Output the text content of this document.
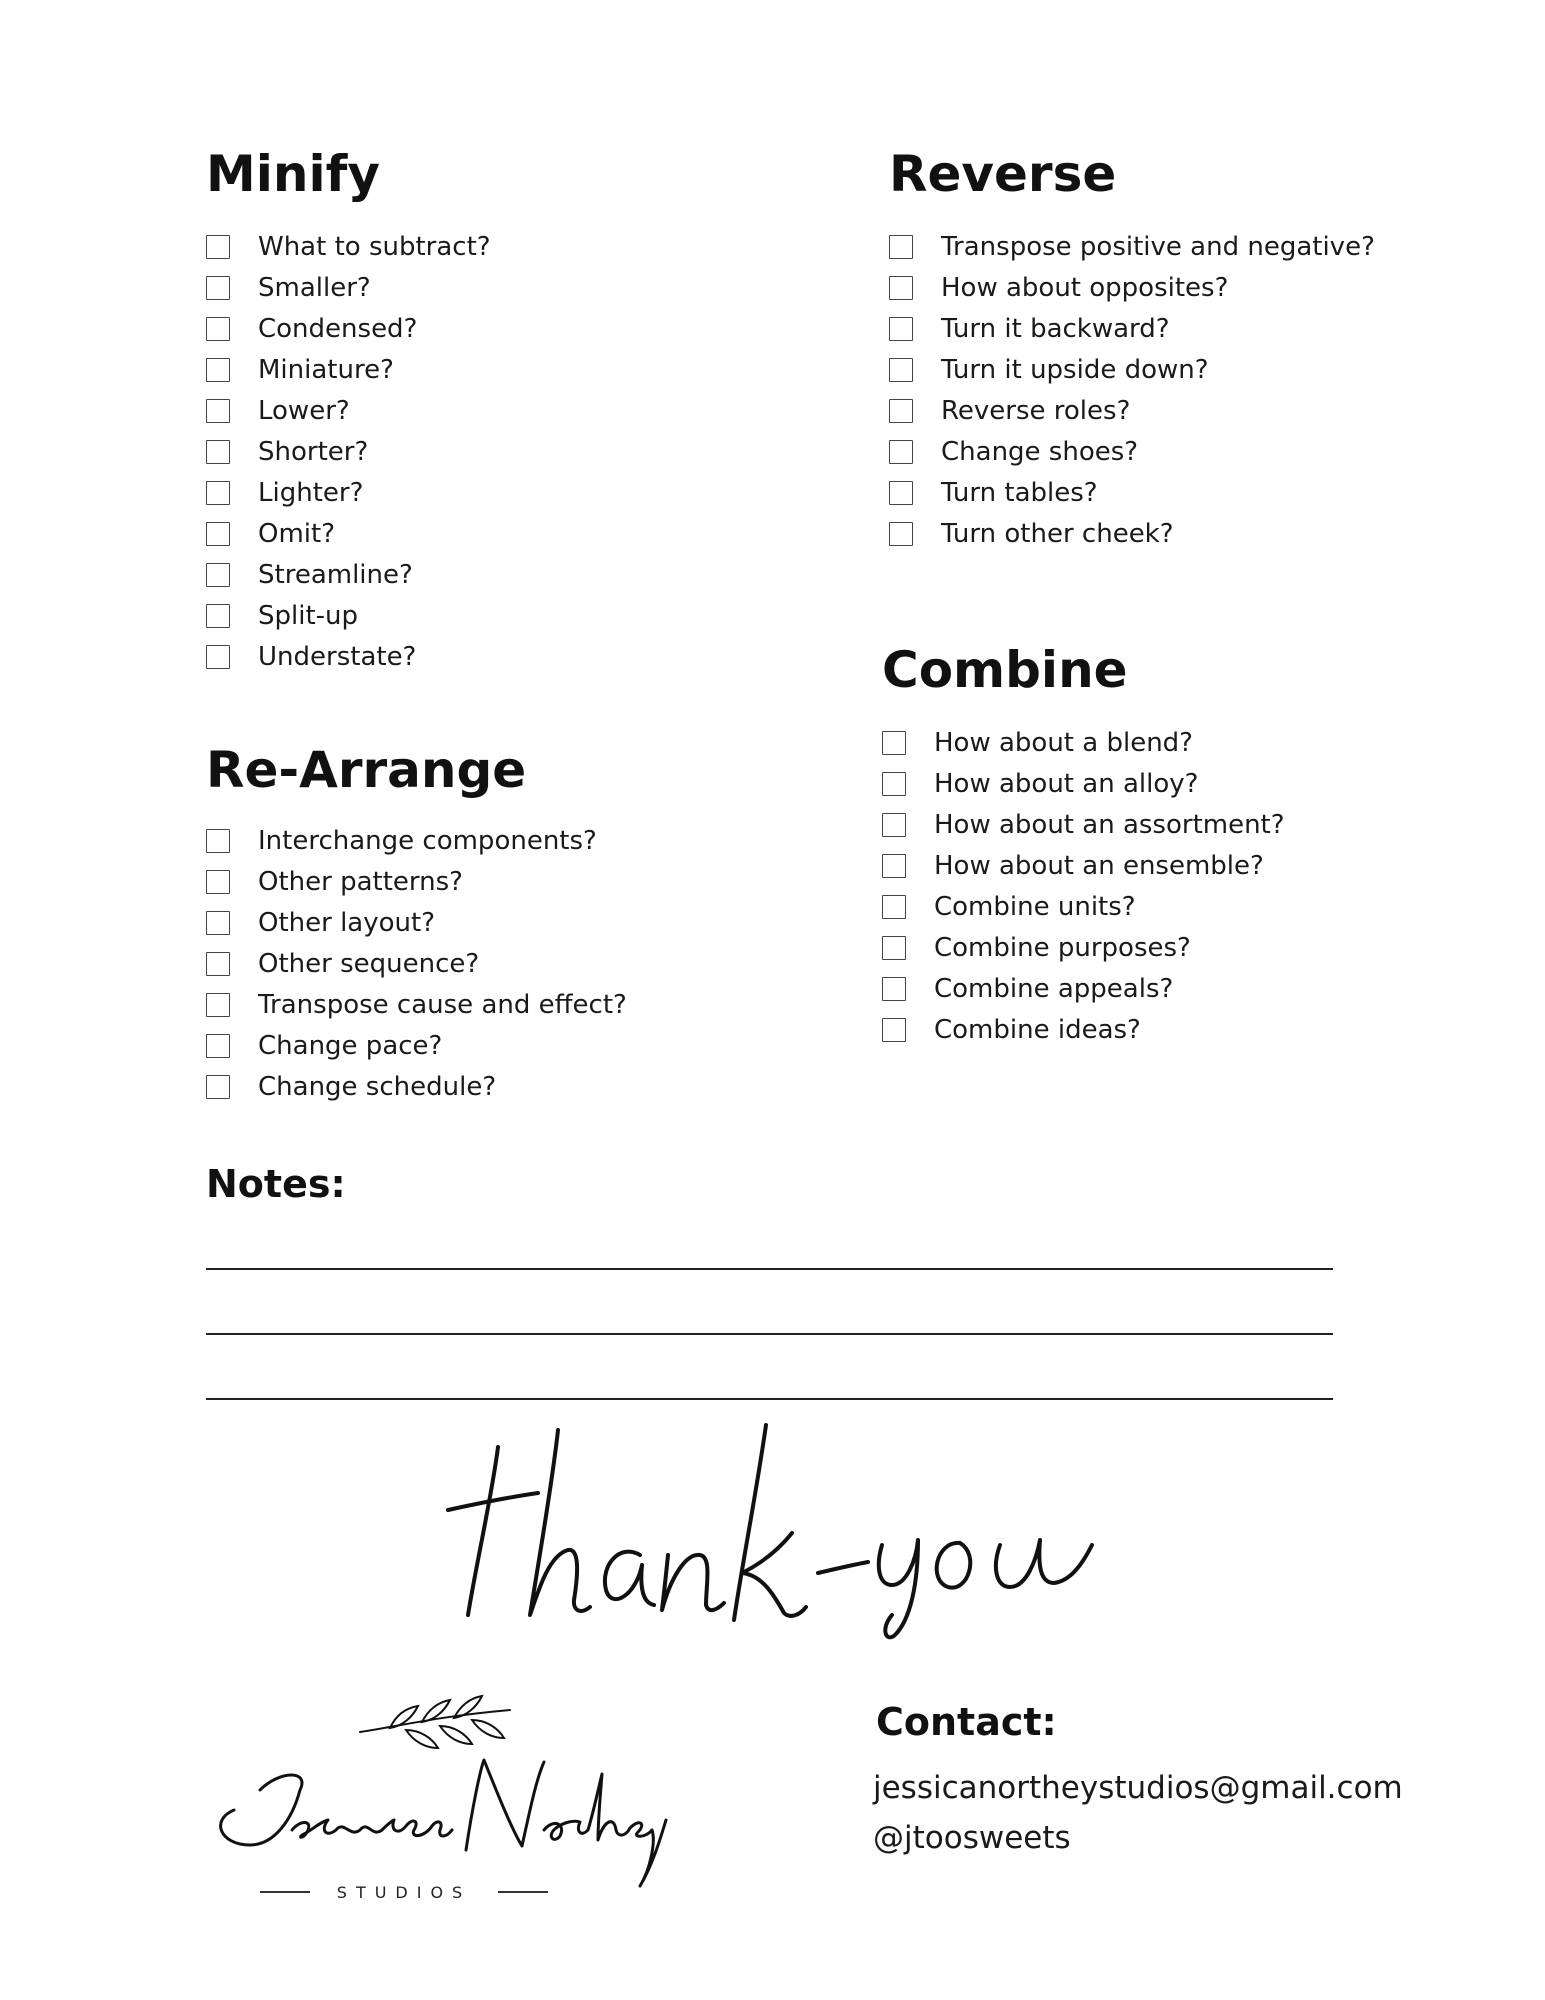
Minify
What to subtract?
Smaller?
Condensed?
Miniature?
Lower?
Shorter?
Lighter?
Omit?
Streamline?
Split-up
Understate?
Reverse
Transpose positive and negative?
How about opposites?
Turn it backward?
Turn it upside down?
Reverse roles?
Change shoes?
Turn tables?
Turn other cheek?
Re-Arrange
Interchange components?
Other patterns?
Other layout?
Other sequence?
Transpose cause and effect?
Change pace?
Change schedule?
Combine
How about a blend?
How about an alloy?
How about an assortment?
How about an ensemble?
Combine units?
Combine purposes?
Combine appeals?
Combine ideas?
Notes:
STUDIOS
Contact:

jessicanortheystudios@gmail.com

@jtoosweets
